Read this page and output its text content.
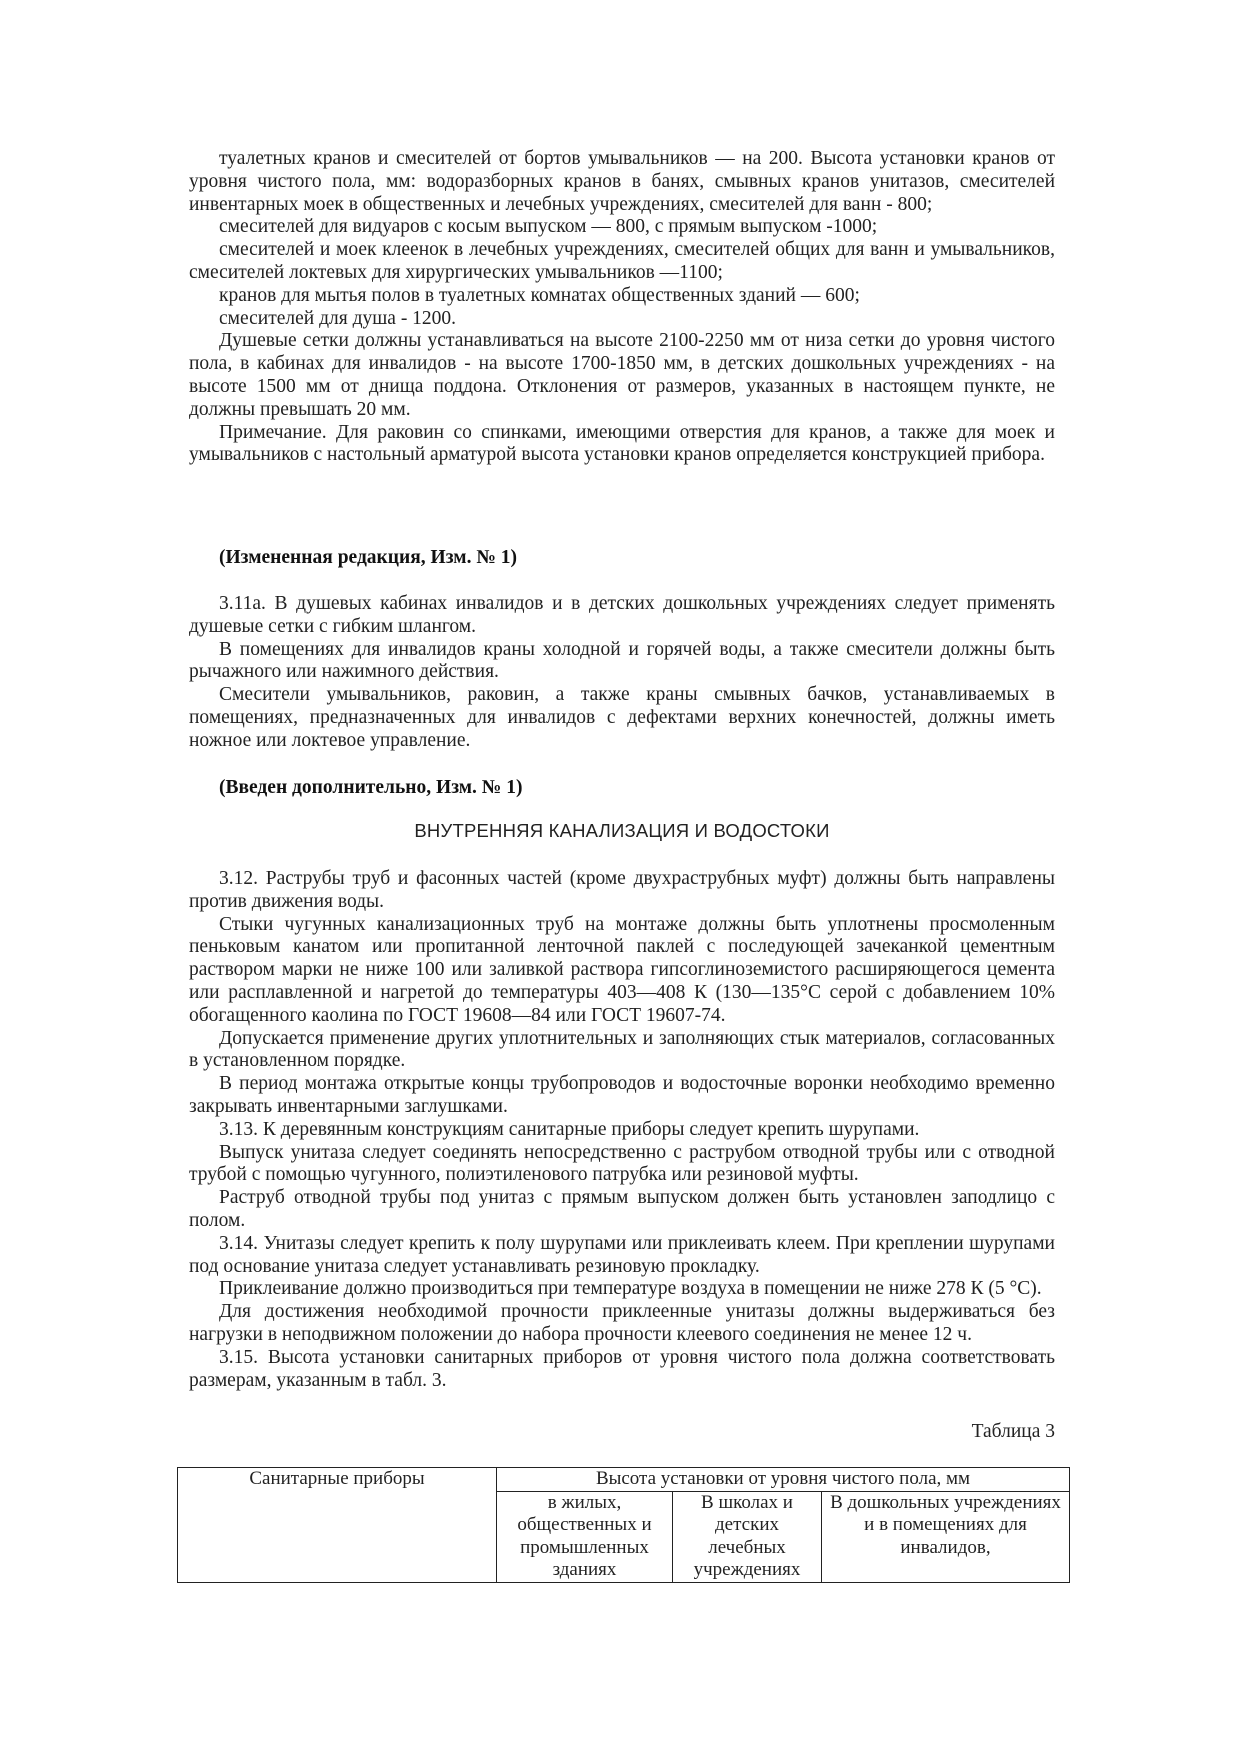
туалетных кранов и смесителей от бортов умывальников — на 200. Высота установки кранов от уровня чистого пола, мм: водоразборных кранов в банях, смывных кранов унитазов, смесителей инвентарных моек в общественных и лечебных учреждениях, смесителей для ванн - 800;

смесителей для видуаров с косым выпуском — 800, с прямым выпуском -1000;

смесителей и моек клеенок в лечебных учреждениях, смесителей общих для ванн и умывальников, смесителей локтевых для хирургических умывальников —1100;

кранов для мытья полов в туалетных комнатах общественных зданий — 600;

смесителей для душа - 1200.

Душевые сетки должны устанавливаться на высоте 2100-2250 мм от низа сетки до уровня чистого пола, в кабинах для инвалидов - на высоте 1700-1850 мм, в детских дошкольных учреждениях - на высоте 1500 мм от днища поддона. Отклонения от размеров, указанных в настоящем пункте, не должны превышать 20 мм.

Примечание. Для раковин со спинками, имеющими отверстия для кранов, а также для моек и умывальников с настольный арматурой высота установки кранов определяется конструкцией прибора.

(Измененная редакция, Изм. № 1)

3.11а. В душевых кабинах инвалидов и в детских дошкольных учреждениях следует применять душевые сетки с гибким шлангом.

В помещениях для инвалидов краны холодной и горячей воды, а также смесители должны быть рычажного или нажимного действия.

Смесители умывальников, раковин, а также краны смывных бачков, устанавливаемых в помещениях, предназначенных для инвалидов с дефектами верхних конечностей, должны иметь ножное или локтевое управление.

(Введен дополнительно, Изм. № 1)
ВНУТРЕННЯЯ КАНАЛИЗАЦИЯ И ВОДОСТОКИ

3.12. Раструбы труб и фасонных частей (кроме двухраструбных муфт) должны быть направлены против движения воды.

Стыки чугунных канализационных труб на монтаже должны быть уплотнены просмоленным пеньковым канатом или пропитанной ленточной паклей с последующей зачеканкой цементным раствором марки не ниже 100 или заливкой раствора гипсоглиноземистого расширяющегося цемента или расплавленной и нагретой до температуры 403—408 К (130—135°С серой с добавлением 10% обогащенного каолина по ГОСТ 19608—84 или ГОСТ 19607-74.

Допускается применение других уплотнительных и заполняющих стык материалов, согласованных в установленном порядке.

В период монтажа открытые концы трубопроводов и водосточные воронки необходимо временно закрывать инвентарными заглушками.

3.13. К деревянным конструкциям санитарные приборы следует крепить шурупами.

Выпуск унитаза следует соединять непосредственно с раструбом отводной трубы или с отводной трубой с помощью чугунного, полиэтиленового патрубка или резиновой муфты.

Раструб отводной трубы под унитаз с прямым выпуском должен быть установлен заподлицо с полом.

3.14. Унитазы следует крепить к полу шурупами или приклеивать клеем. При креплении шурупами под основание унитаза следует устанавливать резиновую прокладку.

Приклеивание должно производиться при температуре воздуха в помещении не ниже 278 К (5 °С).

Для достижения необходимой прочности приклеенные унитазы должны выдерживаться без нагрузки в неподвижном положении до набора прочности клеевого соединения не менее 12 ч.

3.15. Высота установки санитарных приборов от уровня чистого пола должна соответствовать размерам, указанным в табл. 3.

Таблица 3
Санитарные приборы	Высота установки от уровня чистого пола, мм		
	в жилых, общественных и промышленных зданиях	В школах и детских лечебных учреждениях	В дошкольных учреждениях и в помещениях для инвалидов,
